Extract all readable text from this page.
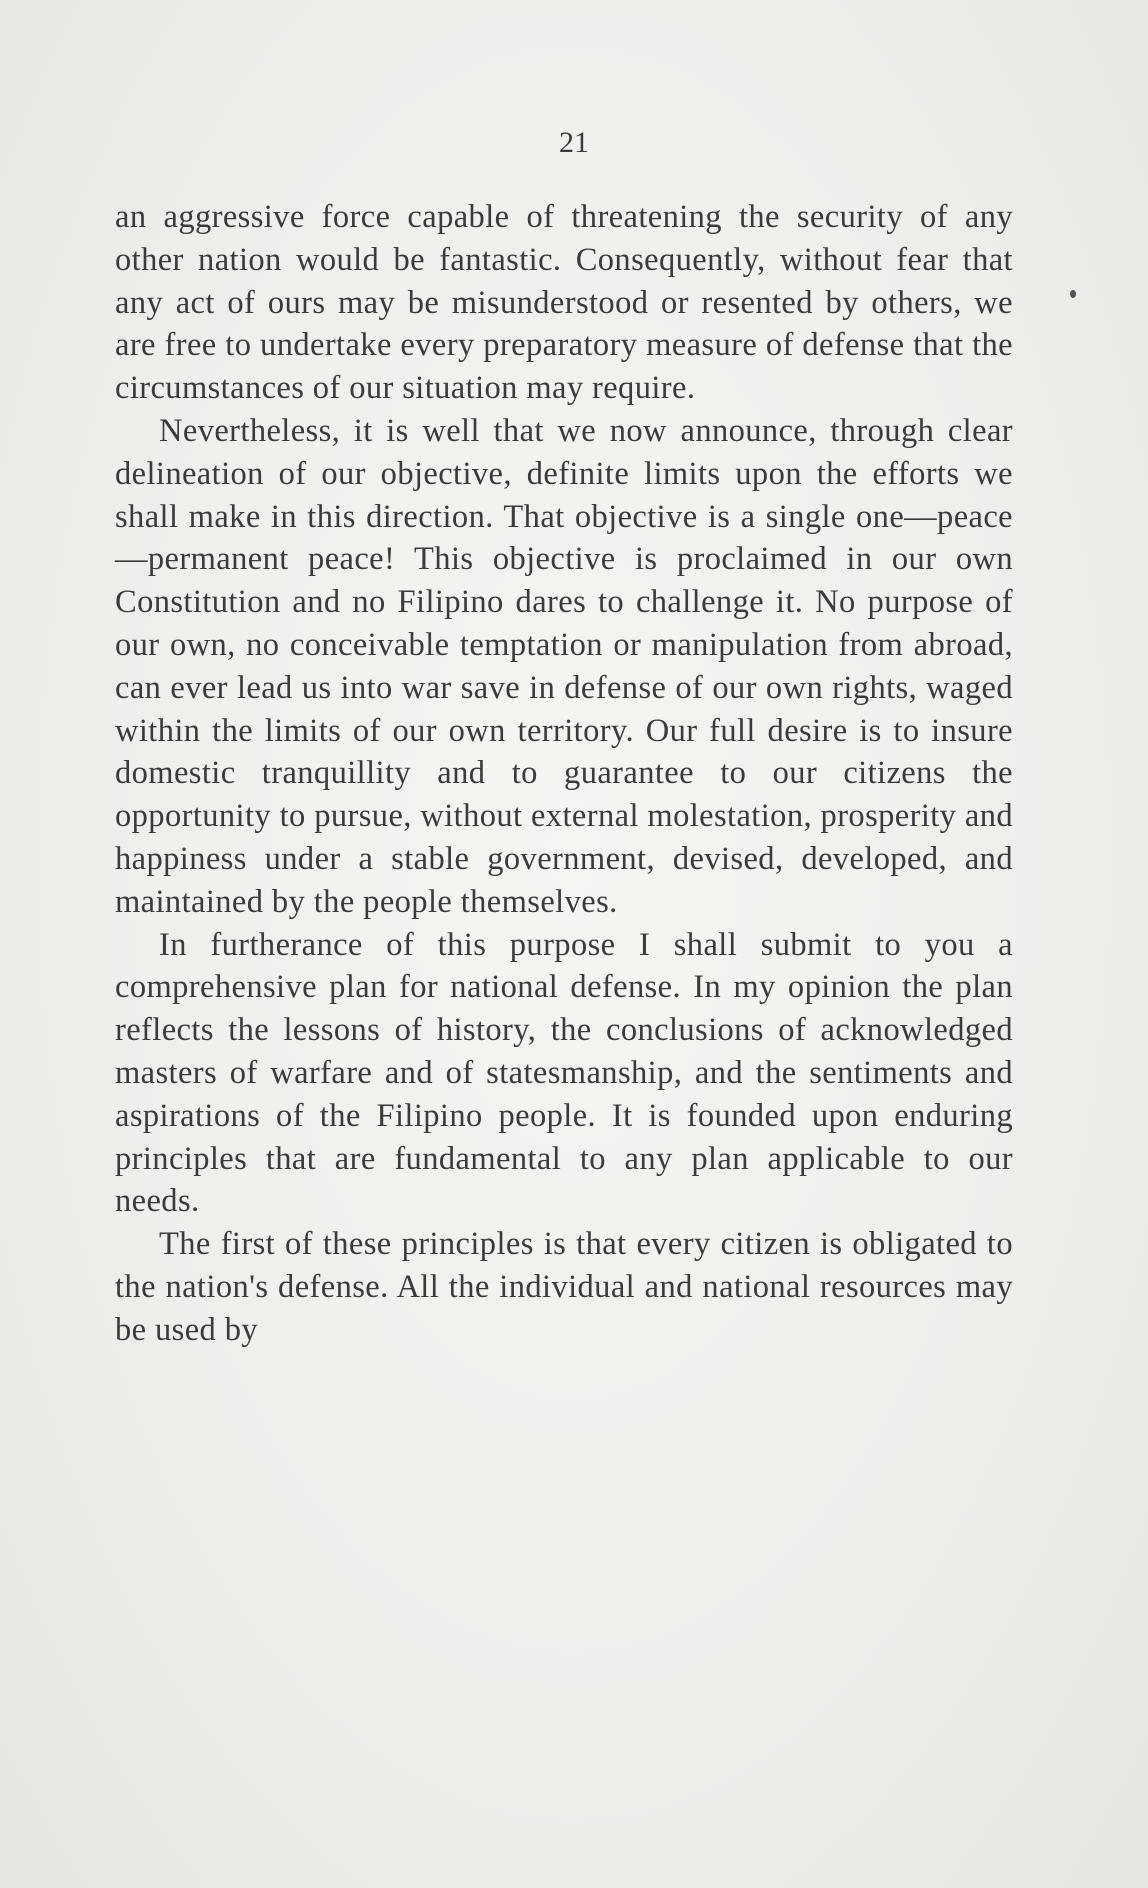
21

an aggressive force capable of threatening the security of any other nation would be fantastic. Consequently, without fear that any act of ours may be misunderstood or resented by others, we are free to undertake every preparatory measure of defense that the circumstances of our situation may require.

Nevertheless, it is well that we now announce, through clear delineation of our objective, definite limits upon the efforts we shall make in this direction. That objective is a single one—peace—permanent peace! This objective is proclaimed in our own Constitution and no Filipino dares to challenge it. No purpose of our own, no conceivable temptation or manipulation from abroad, can ever lead us into war save in defense of our own rights, waged within the limits of our own territory. Our full desire is to insure domestic tranquillity and to guarantee to our citizens the opportunity to pursue, without external molestation, prosperity and happiness under a stable government, devised, developed, and maintained by the people themselves.

In furtherance of this purpose I shall submit to you a comprehensive plan for national defense. In my opinion the plan reflects the lessons of history, the conclusions of acknowledged masters of warfare and of statesmanship, and the sentiments and aspirations of the Filipino people. It is founded upon enduring principles that are fundamental to any plan applicable to our needs.

The first of these principles is that every citizen is obligated to the nation's defense. All the individual and national resources may be used by
